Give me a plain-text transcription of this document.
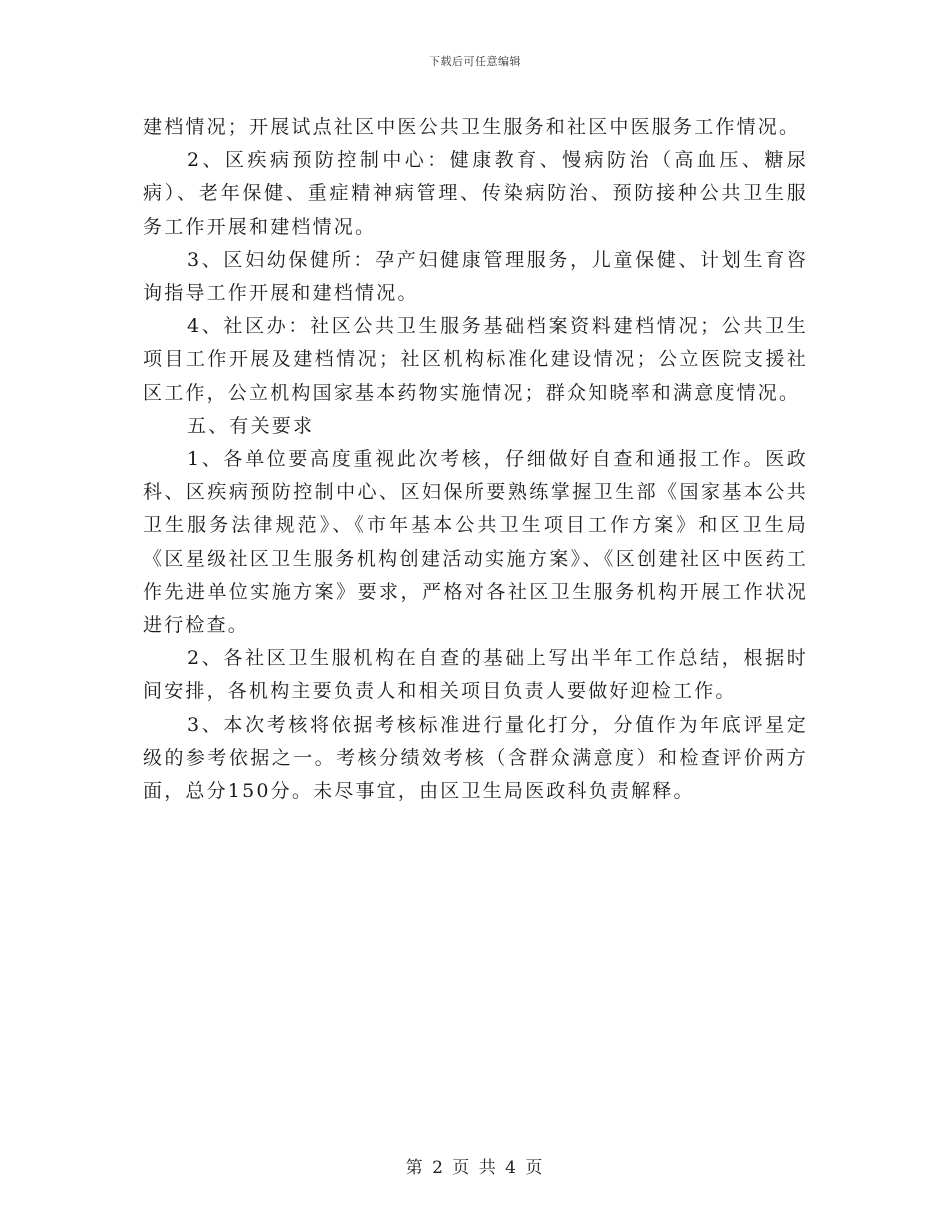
下载后可任意编辑

建档情况；开展试点社区中医公共卫生服务和社区中医服务工作情况。

2、区疾病预防控制中心：健康教育、慢病防治（高血压、糖尿病）、老年保健、重症精神病管理、传染病防治、预防接种公共卫生服务工作开展和建档情况。

3、区妇幼保健所：孕产妇健康管理服务，儿童保健、计划生育咨询指导工作开展和建档情况。

4、社区办：社区公共卫生服务基础档案资料建档情况；公共卫生项目工作开展及建档情况；社区机构标准化建设情况；公立医院支援社区工作，公立机构国家基本药物实施情况；群众知晓率和满意度情况。

五、有关要求

1、各单位要高度重视此次考核，仔细做好自查和通报工作。医政科、区疾病预防控制中心、区妇保所要熟练掌握卫生部《国家基本公共卫生服务法律规范》、《市年基本公共卫生项目工作方案》和区卫生局《区星级社区卫生服务机构创建活动实施方案》、《区创建社区中医药工作先进单位实施方案》要求，严格对各社区卫生服务机构开展工作状况进行检查。

2、各社区卫生服机构在自查的基础上写出半年工作总结，根据时间安排，各机构主要负责人和相关项目负责人要做好迎检工作。

3、本次考核将依据考核标准进行量化打分，分值作为年底评星定级的参考依据之一。考核分绩效考核（含群众满意度）和检查评价两方面，总分150分。未尽事宜，由区卫生局医政科负责解释。

第 2 页 共 4 页
